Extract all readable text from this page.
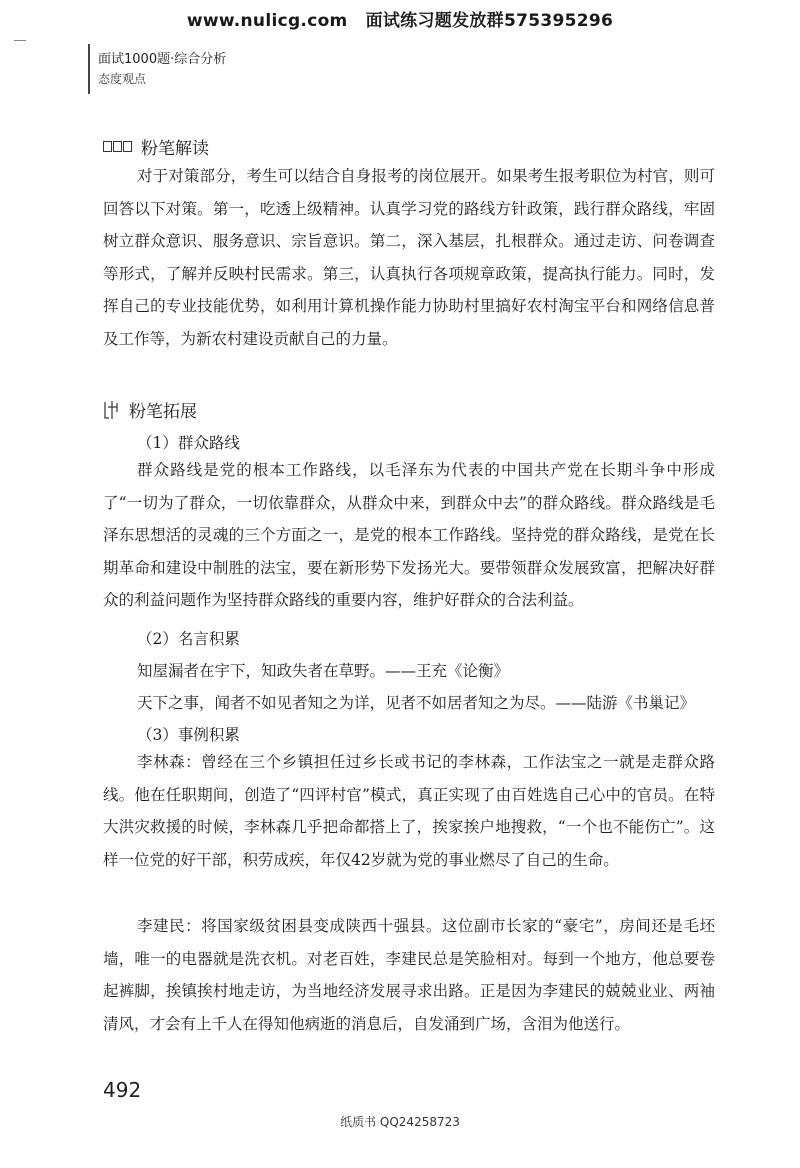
www.nulicg.com 面试练习题发放群575395296
面试1000题·综合分析
态度观点
粉笔解读

对于对策部分，考生可以结合自身报考的岗位展开。如果考生报考职位为村官，则可回答以下对策。第一，吃透上级精神。认真学习党的路线方针政策，践行群众路线，牢固树立群众意识、服务意识、宗旨意识。第二，深入基层，扎根群众。通过走访、问卷调查等形式，了解并反映村民需求。第三，认真执行各项规章政策，提高执行能力。同时，发挥自己的专业技能优势，如利用计算机操作能力协助村里搞好农村淘宝平台和网络信息普及工作等，为新农村建设贡献自己的力量。

粉笔拓展
（1）群众路线

群众路线是党的根本工作路线，以毛泽东为代表的中国共产党在长期斗争中形成了“一切为了群众，一切依靠群众，从群众中来，到群众中去”的群众路线。群众路线是毛泽东思想活的灵魂的三个方面之一，是党的根本工作路线。坚持党的群众路线，是党在长期革命和建设中制胜的法宝，要在新形势下发扬光大。要带领群众发展致富，把解决好群众的利益问题作为坚持群众路线的重要内容，维护好群众的合法利益。

（2）名言积累
知屋漏者在宇下，知政失者在草野。——王充《论衡》
天下之事，闻者不如见者知之为详，见者不如居者知之为尽。——陆游《书巢记》
（3）事例积累

李林森：曾经在三个乡镇担任过乡长或书记的李林森，工作法宝之一就是走群众路线。他在任职期间，创造了“四评村官”模式，真正实现了由百姓选自己心中的官员。在特大洪灾救援的时候，李林森几乎把命都搭上了，挨家挨户地搜救，“一个也不能伤亡”。这样一位党的好干部，积劳成疾，年仅42岁就为党的事业燃尽了自己的生命。

李建民：将国家级贫困县变成陕西十强县。这位副市长家的“豪宅”，房间还是毛坯墙，唯一的电器就是洗衣机。对老百姓，李建民总是笑脸相对。每到一个地方，他总要卷起裤脚，挨镇挨村地走访，为当地经济发展寻求出路。正是因为李建民的兢兢业业、两袖清风，才会有上千人在得知他病逝的消息后，自发涌到广场，含泪为他送行。

492
纸质书 QQ24258723
